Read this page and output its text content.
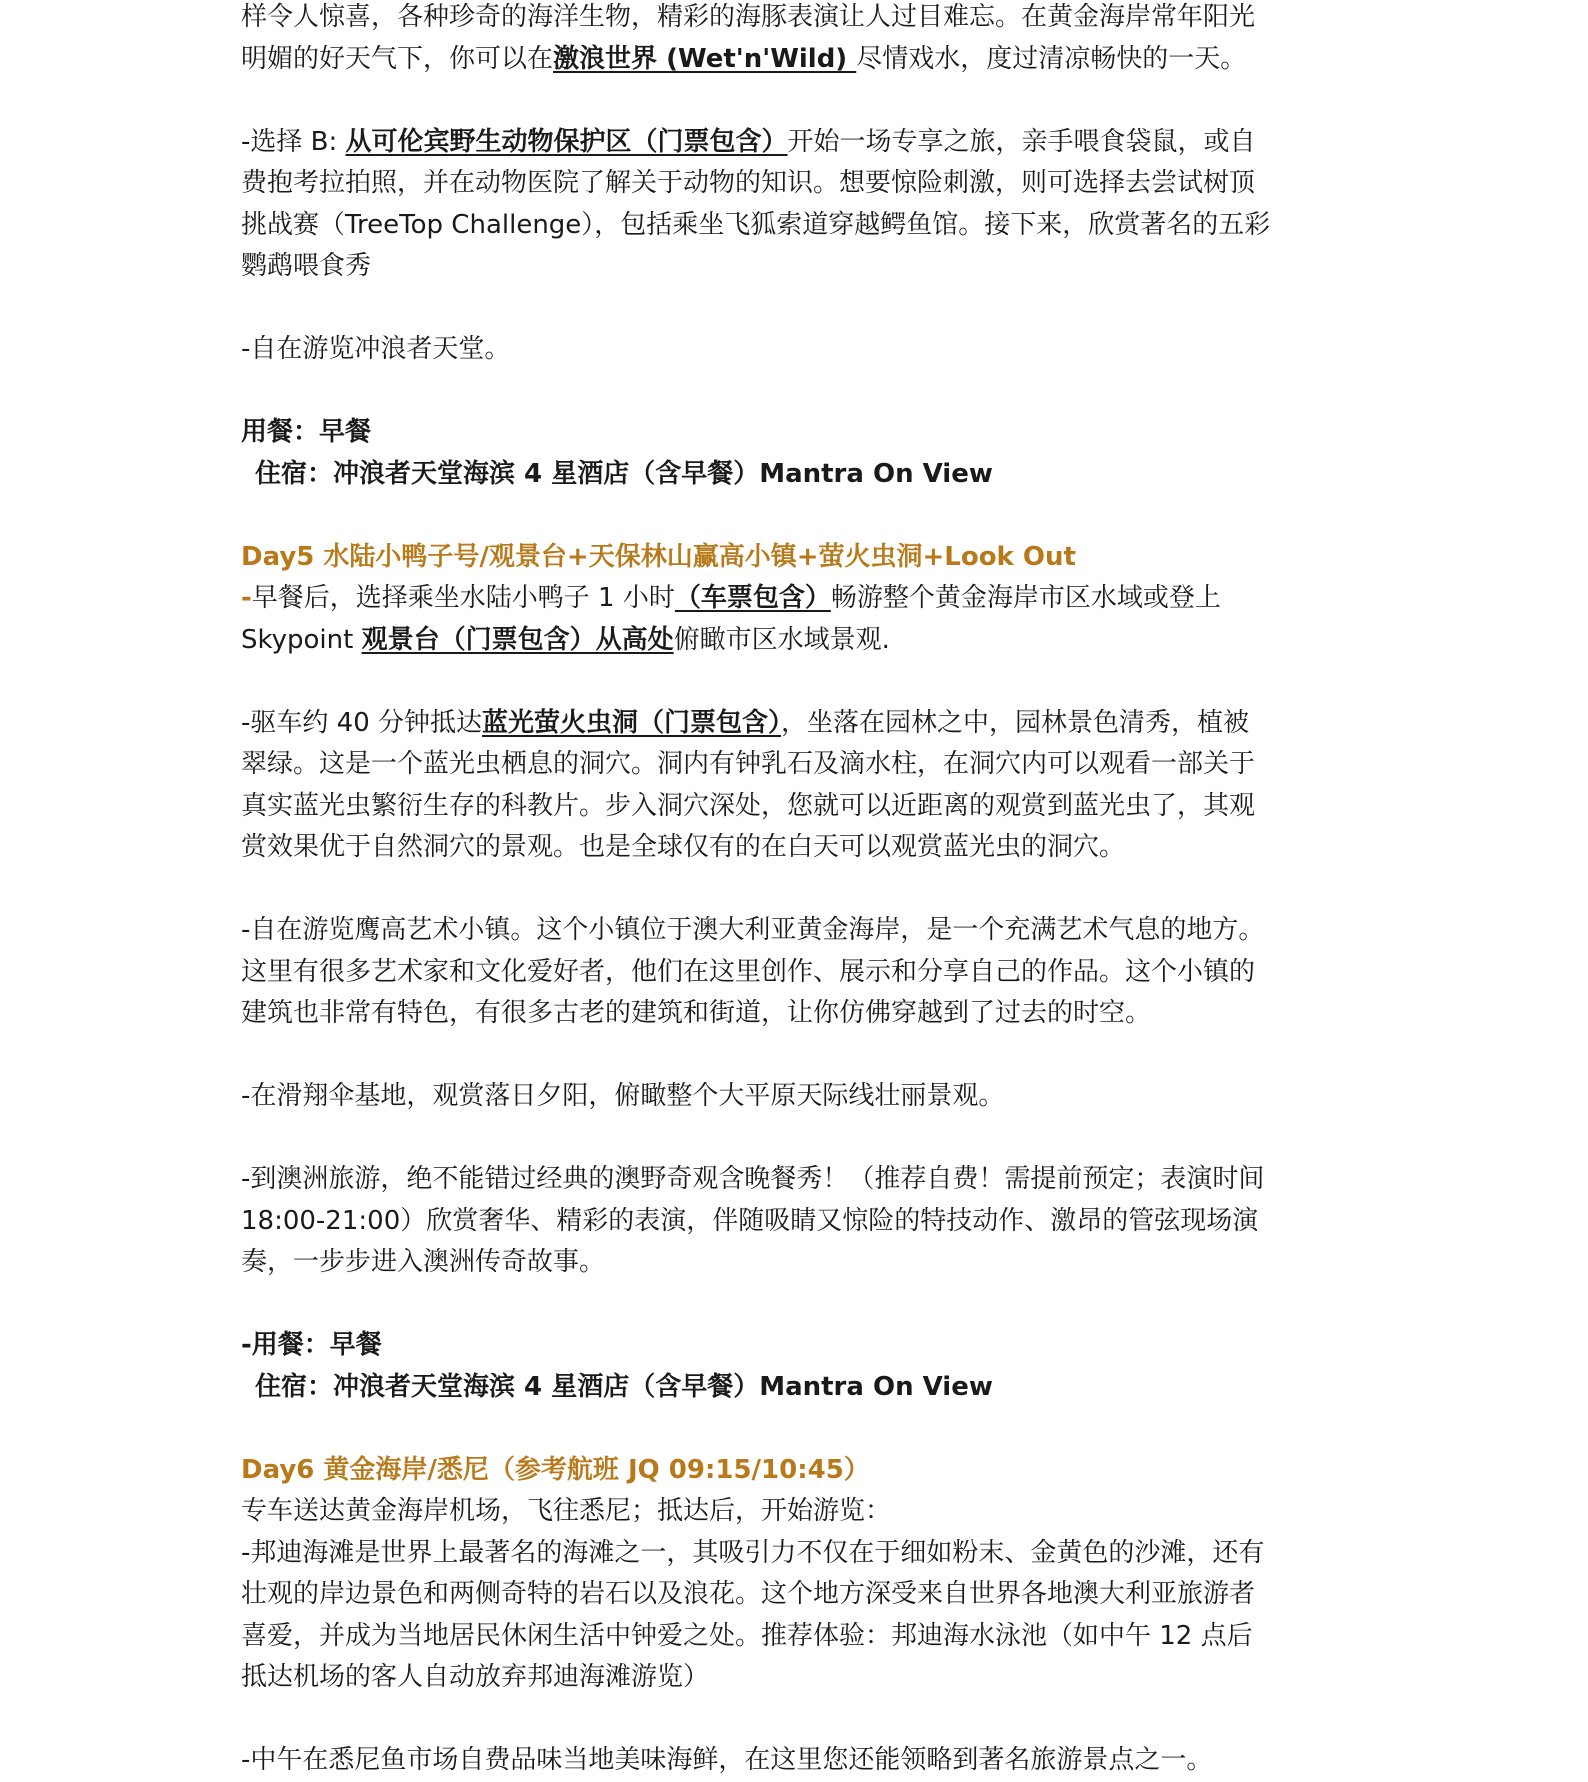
样令人惊喜，各种珍奇的海洋生物，精彩的海豚表演让人过目难忘。在黄金海岸常年阳光
明媚的好天气下，你可以在激浪世界 (Wet'n'Wild) 尽情戏水，度过清凉畅快的一天。
-选择 B: 从可伦宾野生动物保护区（门票包含）开始一场专享之旅，亲手喂食袋鼠，或自
费抱考拉拍照，并在动物医院了解关于动物的知识。想要惊险刺激，则可选择去尝试树顶
挑战赛（TreeTop Challenge），包括乘坐飞狐索道穿越鳄鱼馆。接下来，欣赏著名的五彩
鹦鹉喂食秀
-自在游览冲浪者天堂。
用餐：早餐
住宿：冲浪者天堂海滨 4 星酒店（含早餐）Mantra On View
Day5 水陆小鸭子号/观景台+天保林山赢高小镇+萤火虫洞+Look Out
-早餐后，选择乘坐水陆小鸭子 1 小时（车票包含）畅游整个黄金海岸市区水域或登上
Skypoint 观景台（门票包含）从高处俯瞰市区水域景观.
-驱车约 40 分钟抵达蓝光萤火虫洞（门票包含），坐落在园林之中，园林景色清秀，植被
翠绿。这是一个蓝光虫栖息的洞穴。洞内有钟乳石及滴水柱，在洞穴内可以观看一部关于
真实蓝光虫繁衍生存的科教片。步入洞穴深处，您就可以近距离的观赏到蓝光虫了，其观
赏效果优于自然洞穴的景观。也是全球仅有的在白天可以观赏蓝光虫的洞穴。
-自在游览鹰高艺术小镇。这个小镇位于澳大利亚黄金海岸，是一个充满艺术气息的地方。
这里有很多艺术家和文化爱好者，他们在这里创作、展示和分享自己的作品。这个小镇的
建筑也非常有特色，有很多古老的建筑和街道，让你仿佛穿越到了过去的时空。
-在滑翔伞基地，观赏落日夕阳，俯瞰整个大平原天际线壮丽景观。
-到澳洲旅游，绝不能错过经典的澳野奇观含晚餐秀！（推荐自费！需提前预定；表演时间
18:00-21:00）欣赏奢华、精彩的表演，伴随吸睛又惊险的特技动作、激昂的管弦现场演
奏，一步步进入澳洲传奇故事。
-用餐：早餐
住宿：冲浪者天堂海滨 4 星酒店（含早餐）Mantra On View
Day6 黄金海岸/悉尼（参考航班 JQ 09:15/10:45）
专车送达黄金海岸机场，飞往悉尼；抵达后，开始游览：
-邦迪海滩是世界上最著名的海滩之一，其吸引力不仅在于细如粉末、金黄色的沙滩，还有
壮观的岸边景色和两侧奇特的岩石以及浪花。这个地方深受来自世界各地澳大利亚旅游者
喜爱，并成为当地居民休闲生活中钟爱之处。推荐体验：邦迪海水泳池（如中午 12 点后
抵达机场的客人自动放弃邦迪海滩游览）
-中午在悉尼鱼市场自费品味当地美味海鲜，在这里您还能领略到著名旅游景点之一。
